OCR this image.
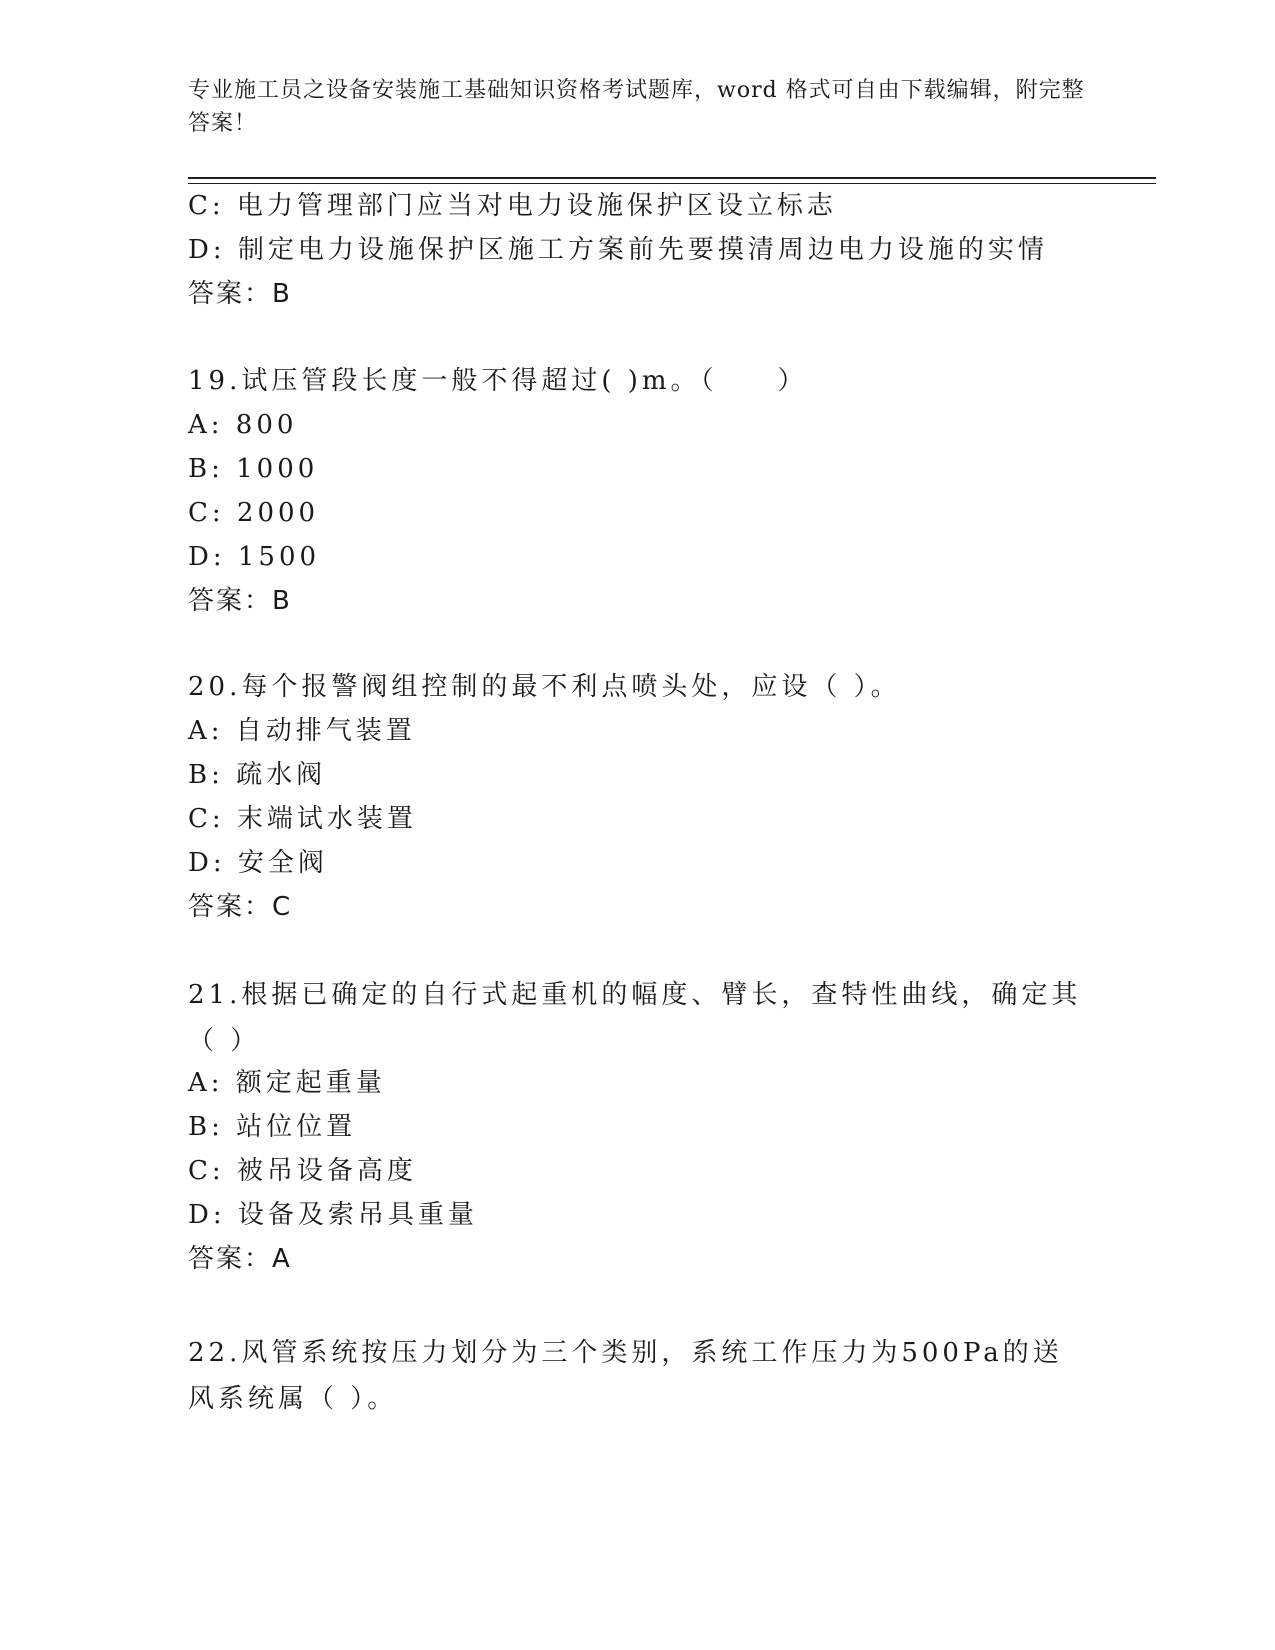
专业施工员之设备安装施工基础知识资格考试题库，word 格式可自由下载编辑，附完整答案！
C: 电力管理部门应当对电力设施保护区设立标志
D: 制定电力设施保护区施工方案前先要摸清周边电力设施的实情
答案：B
19.试压管段长度一般不得超过( )m。（　　）
A: 800
B: 1000
C: 2000
D: 1500
答案：B
20.每个报警阀组控制的最不利点喷头处，应设（ ）。
A: 自动排气装置
B: 疏水阀
C: 末端试水装置
D: 安全阀
答案：C
21.根据已确定的自行式起重机的幅度、臂长，查特性曲线，确定其（ ）
A: 额定起重量
B: 站位位置
C: 被吊设备高度
D: 设备及索吊具重量
答案：A
22.风管系统按压力划分为三个类别，系统工作压力为500Pa的送风系统属（ ）。
